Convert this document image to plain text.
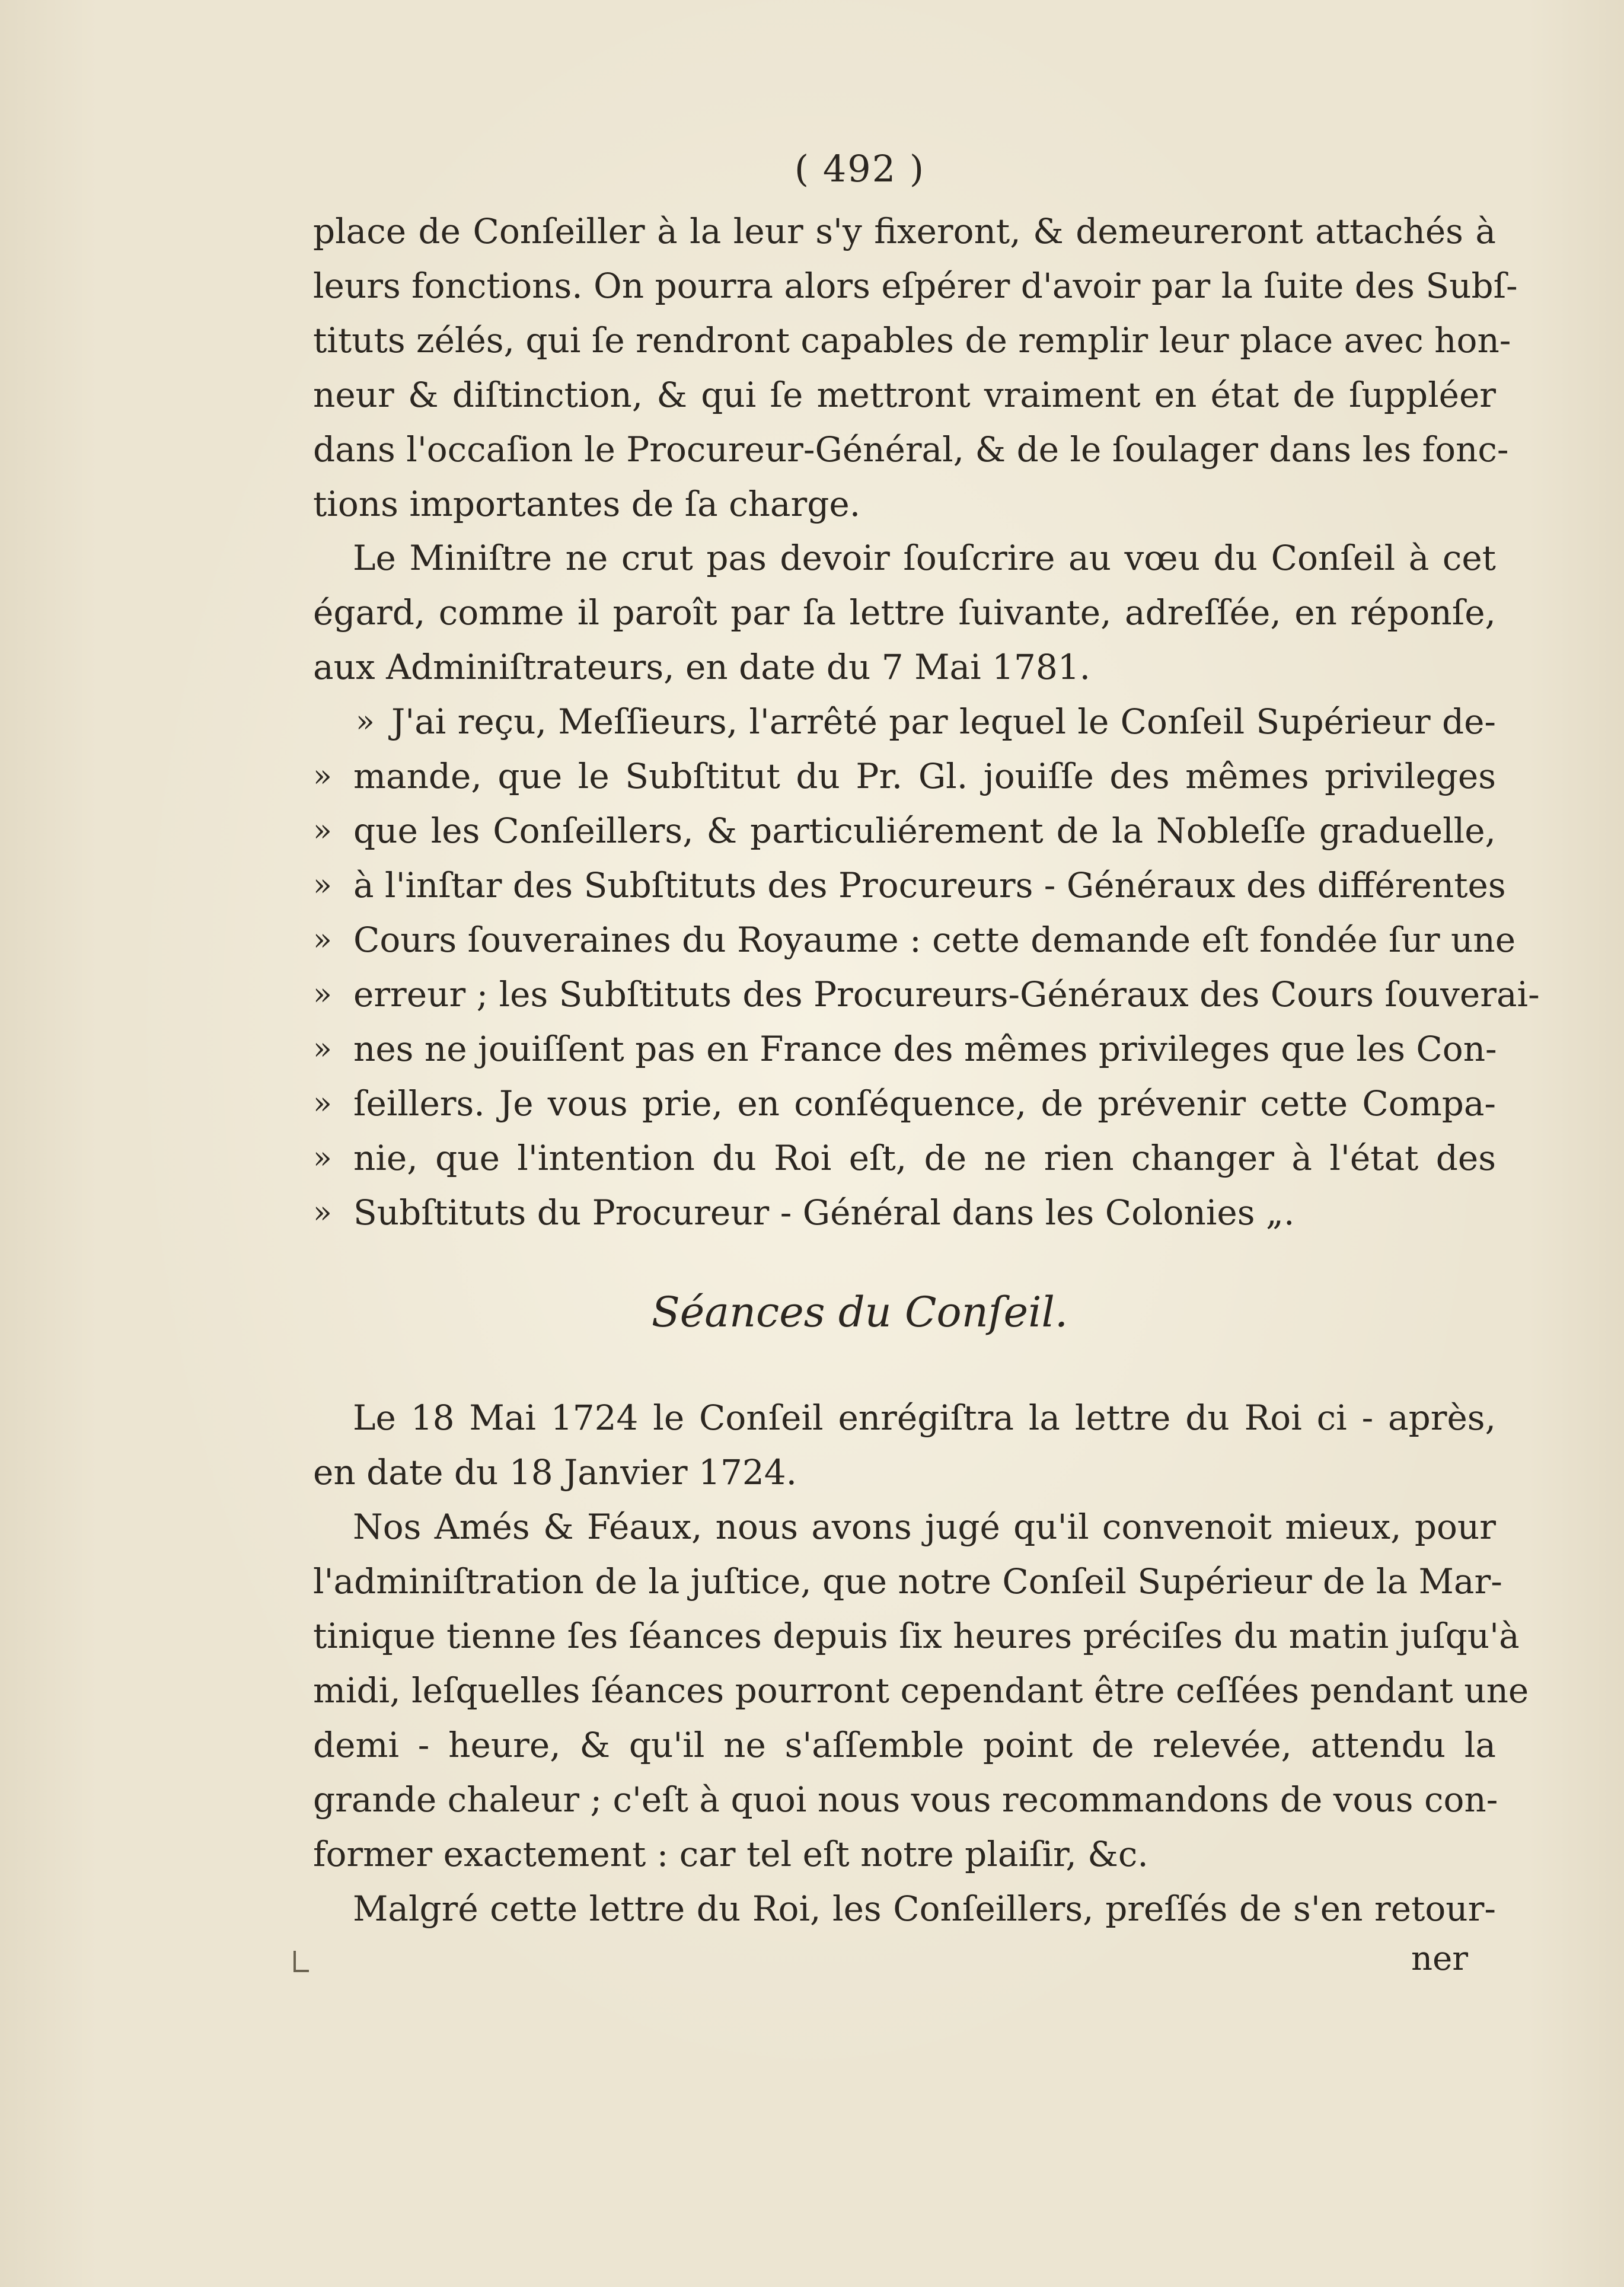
( 492 )
place de Conſeiller à la leur s'y fixeront, & demeureront attachés à
leurs fonctions. On pourra alors eſpérer d'avoir par la ſuite des Subſ-
tituts zélés, qui ſe rendront capables de remplir leur place avec hon-
neur & diſtinction, & qui ſe mettront vraiment en état de ſuppléer
dans l'occaſion le Procureur-Général, & de le ſoulager dans les fonc-
tions importantes de ſa charge.
Le Miniſtre ne crut pas devoir ſouſcrire au vœu du Conſeil à cet
égard, comme il paroît par ſa lettre ſuivante, adreſſée, en réponſe,
aux Adminiſtrateurs, en date du 7 Mai 1781.
» J'ai reçu, Meſſieurs, l'arrêté par lequel le Conſeil Supérieur de-
» mande, que le Subſtitut du Pr. Gl. jouiſſe des mêmes privileges
» que les Conſeillers, & particuliérement de la Nobleſſe graduelle,
» à l'inſtar des Subſtituts des Procureurs - Généraux des différentes
» Cours ſouveraines du Royaume : cette demande eſt fondée ſur une
» erreur ; les Subſtituts des Procureurs-Généraux des Cours ſouverai-
» nes ne jouiſſent pas en France des mêmes privileges que les Con-
» ſeillers. Je vous prie, en conſéquence, de prévenir cette Compa-
» nie, que l'intention du Roi eſt, de ne rien changer à l'état des
» Subſtituts du Procureur - Général dans les Colonies „.
Séances du Conſeil.
Le 18 Mai 1724 le Conſeil enrégiſtra la lettre du Roi ci - après,
en date du 18 Janvier 1724.
Nos Amés & Féaux, nous avons jugé qu'il convenoit mieux, pour
l'adminiſtration de la juſtice, que notre Conſeil Supérieur de la Mar-
tinique tienne ſes ſéances depuis ſix heures préciſes du matin juſqu'à
midi, leſquelles ſéances pourront cependant être ceſſées pendant une
demi - heure, & qu'il ne s'aſſemble point de relevée, attendu la
grande chaleur ; c'eſt à quoi nous vous recommandons de vous con-
former exactement : car tel eſt notre plaiſir, &c.
Malgré cette lettre du Roi, les Conſeillers, preſſés de s'en retour-
ner
